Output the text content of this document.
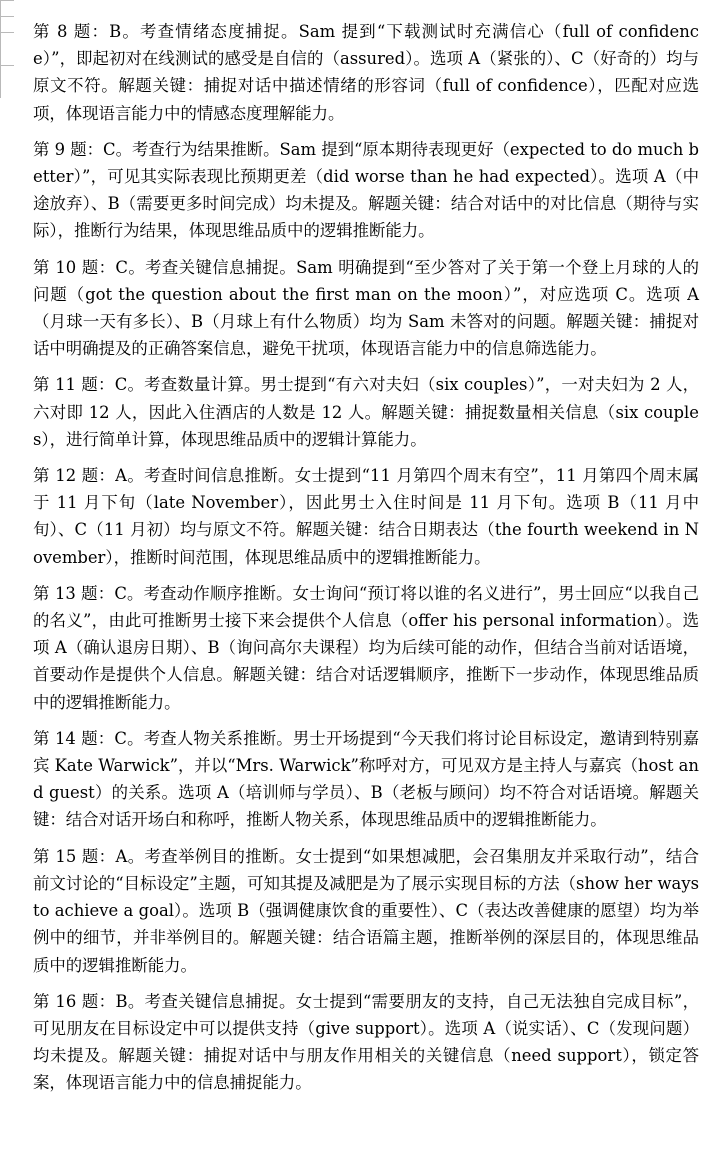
第 8 题：B。考查情绪态度捕捉。Sam 提到“下载测试时充满信心（full of confidence）”，即起初对在线测试的感受是自信的（assured）。选项 A（紧张的）、C（好奇的）均与原文不符。解题关键：捕捉对话中描述情绪的形容词（full of confidence），匹配对应选项，体现语言能力中的情感态度理解能力。

第 9 题：C。考查行为结果推断。Sam 提到“原本期待表现更好（expected to do much better）”，可见其实际表现比预期更差（did worse than he had expected）。选项 A（中途放弃）、B（需要更多时间完成）均未提及。解题关键：结合对话中的对比信息（期待与实际），推断行为结果，体现思维品质中的逻辑推断能力。

第 10 题：C。考查关键信息捕捉。Sam 明确提到“至少答对了关于第一个登上月球的人的问题（got the question about the first man on the moon）”，对应选项 C。选项 A（月球一天有多长）、B（月球上有什么物质）均为 Sam 未答对的问题。解题关键：捕捉对话中明确提及的正确答案信息，避免干扰项，体现语言能力中的信息筛选能力。

第 11 题：C。考查数量计算。男士提到“有六对夫妇（six couples）”，一对夫妇为 2 人，六对即 12 人，因此入住酒店的人数是 12 人。解题关键：捕捉数量相关信息（six couples），进行简单计算，体现思维品质中的逻辑计算能力。

第 12 题：A。考查时间信息推断。女士提到“11 月第四个周末有空”，11 月第四个周末属于 11 月下旬（late November），因此男士入住时间是 11 月下旬。选项 B（11 月中旬）、C（11 月初）均与原文不符。解题关键：结合日期表达（the fourth weekend in November），推断时间范围，体现思维品质中的逻辑推断能力。

第 13 题：C。考查动作顺序推断。女士询问“预订将以谁的名义进行”，男士回应“以我自己的名义”，由此可推断男士接下来会提供个人信息（offer his personal information）。选项 A（确认退房日期）、B（询问高尔夫课程）均为后续可能的动作，但结合当前对话语境，首要动作是提供个人信息。解题关键：结合对话逻辑顺序，推断下一步动作，体现思维品质中的逻辑推断能力。

第 14 题：C。考查人物关系推断。男士开场提到“今天我们将讨论目标设定，邀请到特别嘉宾 Kate Warwick”，并以“Mrs. Warwick”称呼对方，可见双方是主持人与嘉宾（host and guest）的关系。选项 A（培训师与学员）、B（老板与顾问）均不符合对话语境。解题关键：结合对话开场白和称呼，推断人物关系，体现思维品质中的逻辑推断能力。

第 15 题：A。考查举例目的推断。女士提到“如果想减肥，会召集朋友并采取行动”，结合前文讨论的“目标设定”主题，可知其提及减肥是为了展示实现目标的方法（show her ways to achieve a goal）。选项 B（强调健康饮食的重要性）、C（表达改善健康的愿望）均为举例中的细节，并非举例目的。解题关键：结合语篇主题，推断举例的深层目的，体现思维品质中的逻辑推断能力。

第 16 题：B。考查关键信息捕捉。女士提到“需要朋友的支持，自己无法独自完成目标”，可见朋友在目标设定中可以提供支持（give support）。选项 A（说实话）、C（发现问题）均未提及。解题关键：捕捉对话中与朋友作用相关的关键信息（need support），锁定答案，体现语言能力中的信息捕捉能力。
